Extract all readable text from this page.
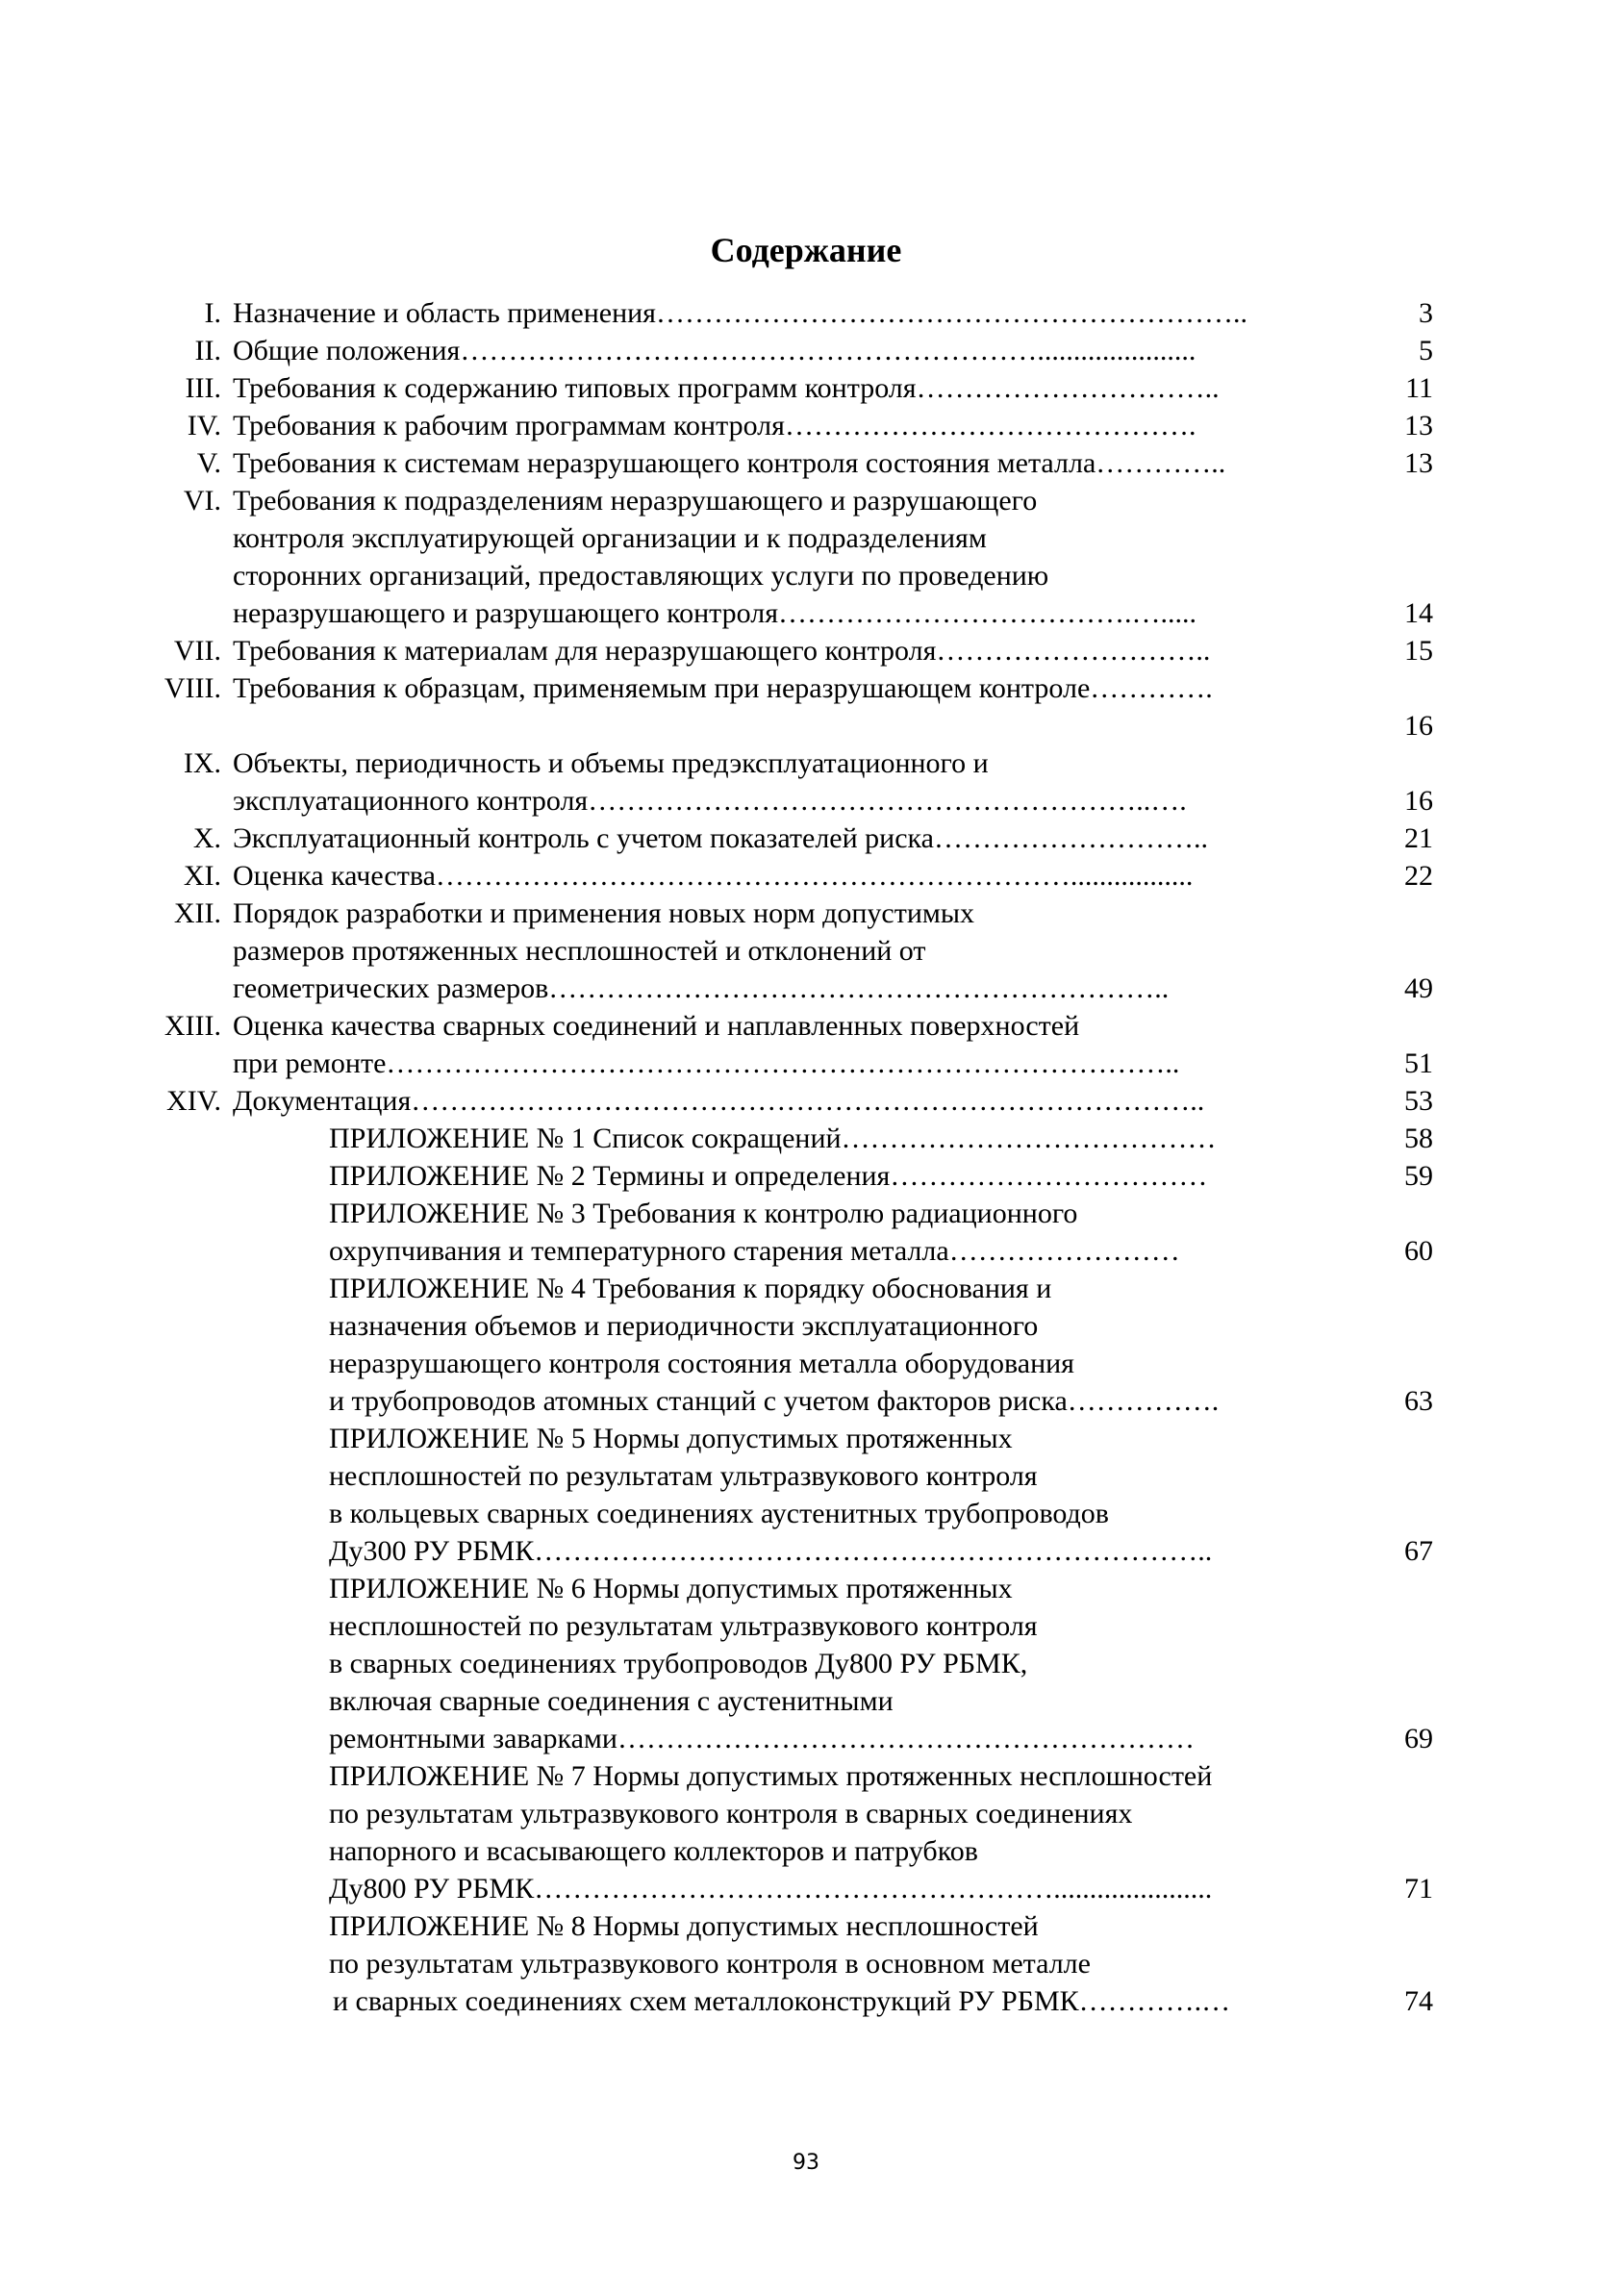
Содержание
I. Назначение и область применения……………………………………………………..	3
II. Общие положения……………………………………………………......................	5
III. Требования к содержанию типовых программ контроля…………………………..	11
IV. Требования к рабочим программам контроля…………………………………….	13
V. Требования к системам неразрушающего контроля состояния металла…………..	13
VI. Требования к подразделениям неразрушающего и разрушающего
контроля эксплуатирующей организации и к подразделениям
сторонних организаций, предоставляющих услуги по проведению
неразрушающего и разрушающего контроля……………………………….….....	14
VII. Требования к материалам для неразрушающего контроля………………………..	15
VIII. Требования к образцам, применяемым при неразрушающем контроле………….
16
IX. Объекты, периодичность и объемы предэксплуатационного и
эксплуатационного контроля…………………………………………………..….	16
X. Эксплуатационный контроль с учетом показателей риска………………………..	21
XI. Оценка качества………………………………………………………….................	22
XII. Порядок разработки и применения новых норм допустимых
размеров протяженных несплошностей и отклонений от
геометрических размеров………………………………………………………..	49
XIII. Оценка качества сварных соединений и наплавленных поверхностей
при ремонте………………………………………………………………………..	51
XIV. Документация………………………………………………………………………..	53
ПРИЛОЖЕНИЕ № 1 Список сокращений…………………………………	58
ПРИЛОЖЕНИЕ № 2 Термины и определения……………………………	59
ПРИЛОЖЕНИЕ № 3 Требования к контролю радиационного
охрупчивания и температурного старения металла……………………	60
ПРИЛОЖЕНИЕ № 4 Требования к порядку обоснования и
назначения объемов и периодичности эксплуатационного
неразрушающего контроля состояния металла оборудования
и трубопроводов атомных станций с учетом факторов риска…………….	63
ПРИЛОЖЕНИЕ № 5 Нормы допустимых протяженных
несплошностей по результатам ультразвукового контроля
в кольцевых сварных соединениях аустенитных трубопроводов
Ду300 РУ РБМК……………………………………………………………..	67
ПРИЛОЖЕНИЕ № 6 Нормы допустимых протяженных
несплошностей по результатам ультразвукового контроля
в сварных соединениях трубопроводов Ду800 РУ РБМК,
включая сварные соединения с аустенитными
ремонтными заварками……………………………………………………	69
ПРИЛОЖЕНИЕ № 7 Нормы допустимых протяженных несплошностей
по результатам ультразвукового контроля в сварных соединениях
напорного и всасывающего коллекторов и патрубков
Ду800 РУ РБМК………………………………………………......................	71
ПРИЛОЖЕНИЕ № 8 Нормы допустимых несплошностей
по результатам ультразвукового контроля в основном металле
и сварных соединениях схем металлоконструкций РУ РБМК………….…	74
93
